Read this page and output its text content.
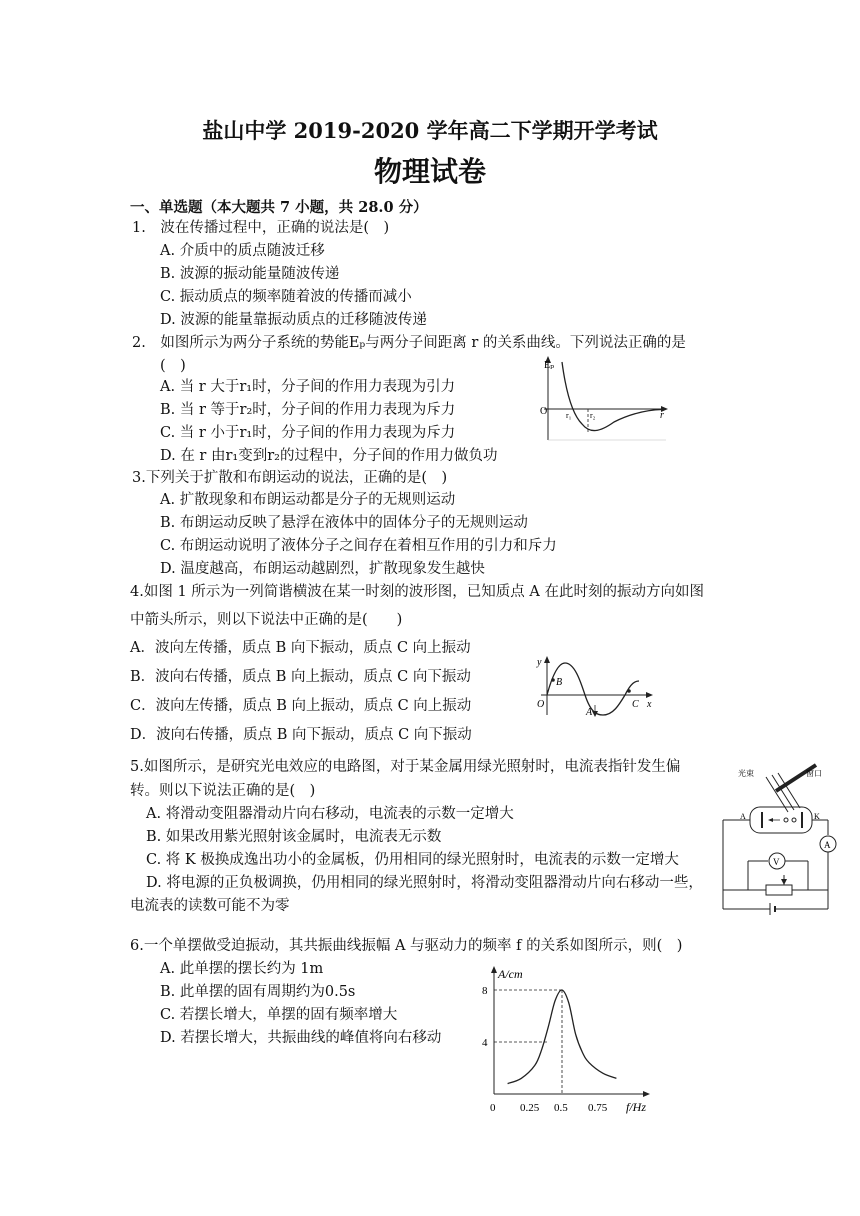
盐山中学 2019-2020 学年高二下学期开学考试
物理试卷
一、单选题（本大题共 7 小题，共 28.0 分）
1.　波在传播过程中，正确的说法是(　)
A. 介质中的质点随波迁移
B. 波源的振动能量随波传递
C. 振动质点的频率随着波的传播而减小
D. 波源的能量靠振动质点的迁移随波传递
2.　如图所示为两分子系统的势能Eₚ与两分子间距离 r 的关系曲线。下列说法正确的是
(　)
A. 当 r 大于r₁时，分子间的作用力表现为引力
B. 当 r 等于r₂时，分子间的作用力表现为斥力
C. 当 r 小于r₁时，分子间的作用力表现为斥力
D. 在 r 由r₁变到r₂的过程中，分子间的作用力做负功
Eₚ
O r₁ r₂	r
3.下列关于扩散和布朗运动的说法，正确的是(　)
A. 扩散现象和布朗运动都是分子的无规则运动
B. 布朗运动反映了悬浮在液体中的固体分子的无规则运动
C. 布朗运动说明了液体分子之间存在着相互作用的引力和斥力
D. 温度越高，布朗运动越剧烈，扩散现象发生越快
4.如图 1 所示为一列简谐横波在某一时刻的波形图，已知质点 A 在此时刻的振动方向如图
中箭头所示，则以下说法中正确的是(　　)
A．波向左传播，质点 B 向下振动，质点 C 向上振动
B．波向右传播，质点 B 向上振动，质点 C 向下振动
C．波向左传播，质点 B 向上振动，质点 C 向上振动
D．波向右传播，质点 B 向下振动，质点 C 向下振动
y
O	x
B
A
C
5.如图所示，是研究光电效应的电路图，对于某金属用绿光照射时，电流表指针发生偏
转。则以下说法正确的是(　)
A. 将滑动变阻器滑动片向右移动，电流表的示数一定增大
B. 如果改用紫光照射该金属时，电流表无示数
C. 将 K 极换成逸出功小的金属板，仍用相同的绿光照射时，电流表的示数一定增大
D. 将电源的正负极调换，仍用相同的绿光照射时，将滑动变阻器滑动片向右移动一些，
电流表的读数可能不为零
光束	窗口
A	K
A
V
6.一个单摆做受迫振动，其共振曲线振幅 A 与驱动力的频率 f 的关系如图所示，则(　)
A. 此单摆的摆长约为 1m
B. 此单摆的固有周期约为0.5s
C. 若摆长增大，单摆的固有频率增大
D. 若摆长增大，共振曲线的峰值将向右移动
A/cm
f/Hz
0 0.25 0.5 0.75
4
8
